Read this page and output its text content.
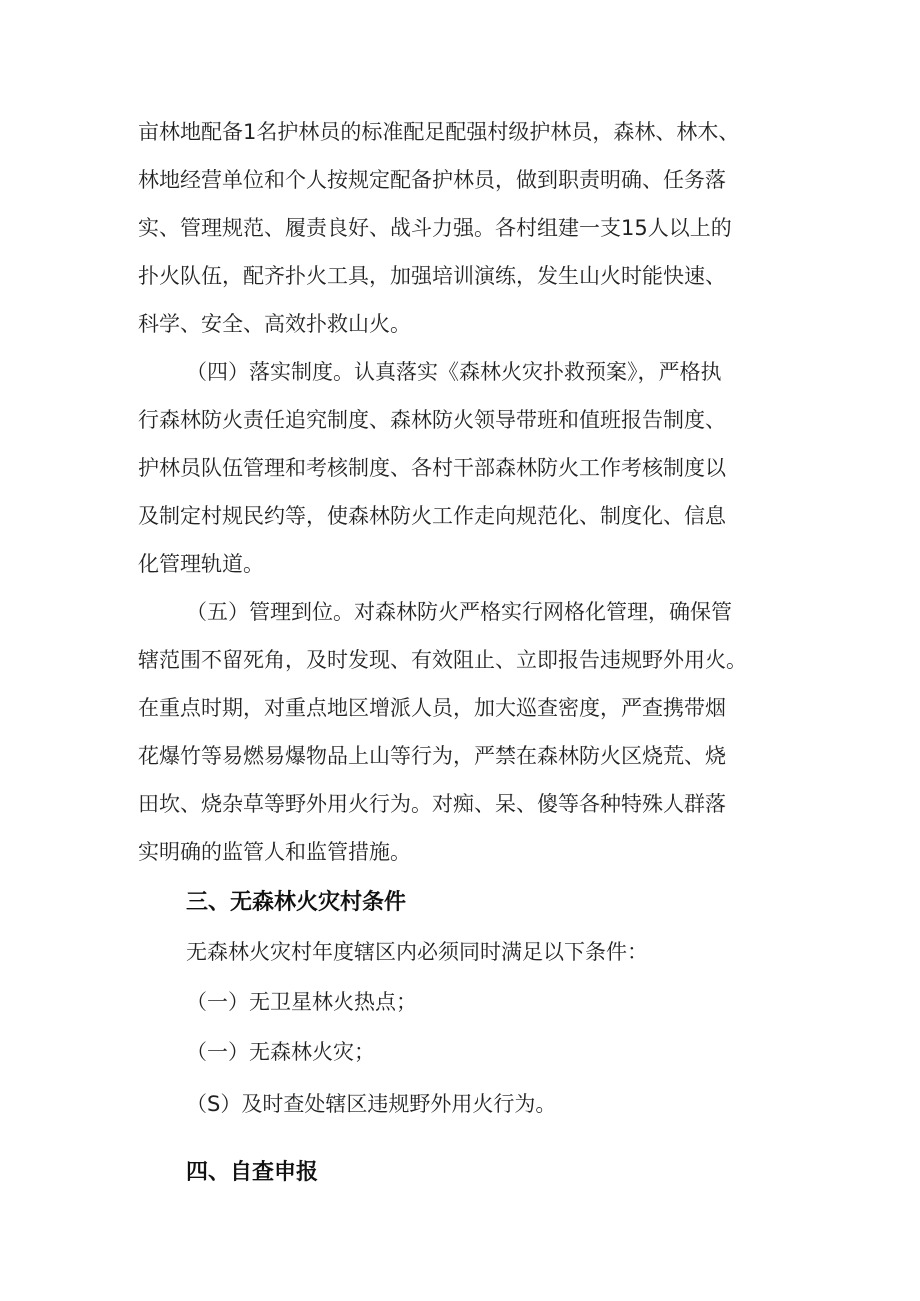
亩林地配备1名护林员的标准配足配强村级护林员，森林、林木、
林地经营单位和个人按规定配备护林员，做到职责明确、任务落
实、管理规范、履责良好、战斗力强。各村组建一支15人以上的
扑火队伍，配齐扑火工具，加强培训演练，发生山火时能快速、
科学、安全、高效扑救山火。
（四）落实制度。认真落实《森林火灾扑救预案》，严格执
行森林防火责任追究制度、森林防火领导带班和值班报告制度、
护林员队伍管理和考核制度、各村干部森林防火工作考核制度以
及制定村规民约等，使森林防火工作走向规范化、制度化、信息
化管理轨道。
（五）管理到位。对森林防火严格实行网格化管理，确保管
辖范围不留死角，及时发现、有效阻止、立即报告违规野外用火。
在重点时期，对重点地区增派人员，加大巡查密度，严查携带烟
花爆竹等易燃易爆物品上山等行为，严禁在森林防火区烧荒、烧
田坎、烧杂草等野外用火行为。对痴、呆、傻等各种特殊人群落
实明确的监管人和监管措施。
三、无森林火灾村条件
无森林火灾村年度辖区内必须同时满足以下条件：
（一）无卫星林火热点；
（一）无森林火灾；
（S）及时查处辖区违规野外用火行为。
四、自查申报
